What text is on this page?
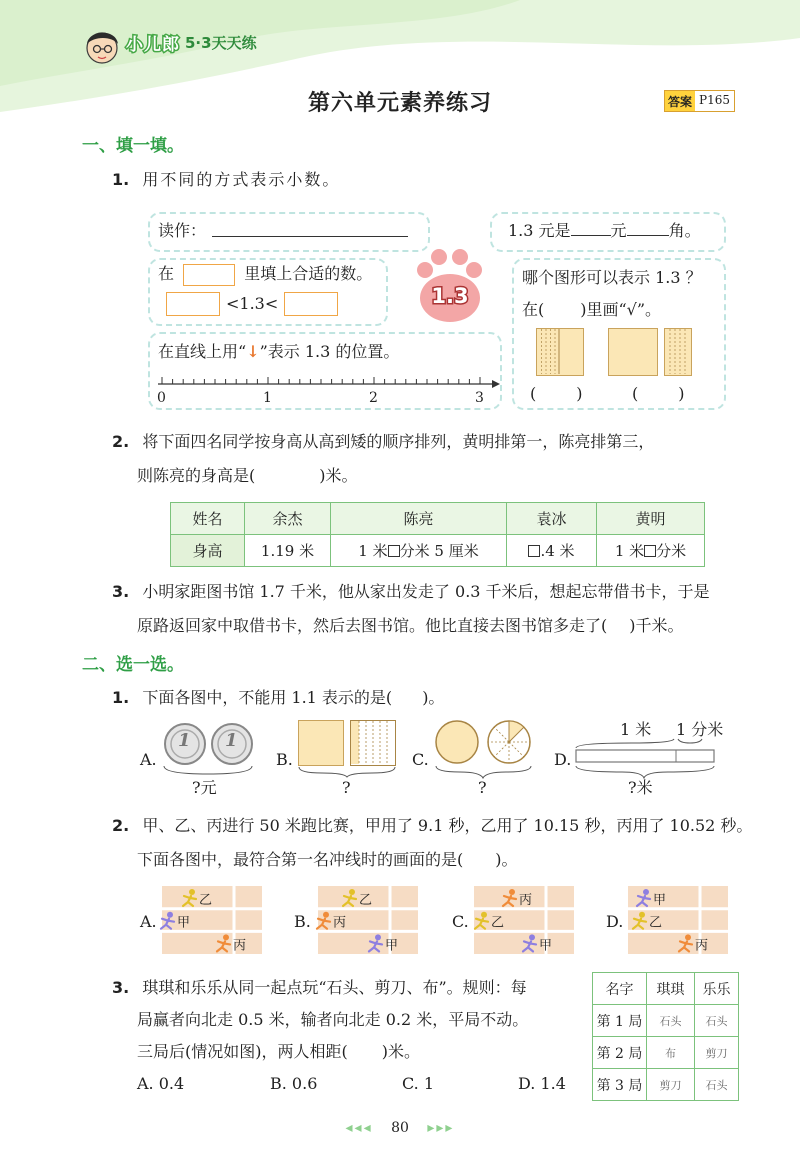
小儿郎 5·3天天练
第六单元素养练习	答案 P165
一、填一填。
1. 用不同的方式表示小数。
读作：	1.3 元是	元	角。
在	里填上合适的数。
<1.3<	1.3
哪个图形可以表示 1.3 ？
在( )里画“√”。
(	)	(	)
在直线上用“↓”表示 1.3 的位置。
0	1	2	3
2. 将下面四名同学按身高从高到矮的顺序排列，黄明排第一，陈亮排第三，
则陈亮的身高是(	)米。
姓名	余杰	陈亮	袁冰	黄明
身高	1.19 米	1 米 分米 5 厘米	.4 米	1 米 分米
3. 小明家距图书馆 1.7 千米，他从家出发走了 0.3 千米后，想起忘带借书卡，于是
原路返回家中取借书卡，然后去图书馆。他比直接去图书馆多走了( )千米。
二、选一选。
1. 下面各图中，不能用 1.1 表示的是( )。
A.
1 1
?元
B.
?
C.
?
D.
1 米 1 分米
?米
2. 甲、乙、丙进行 50 米跑比赛，甲用了 9.1 秒，乙用了 10.15 秒，丙用了 10.52 秒。
下面各图中，最符合第一名冲线时的画面的是( )。
A.	B.	C.	D.
乙
甲
丙
乙
丙
甲
丙
乙
甲
甲
乙
丙
3. 琪琪和乐乐从同一起点玩“石头、剪刀、布”。规则：每
局赢者向北走 0.5 米，输者向北走 0.2 米，平局不动。
三局后(情况如图)，两人相距( )米。
A. 0.4	B. 0.6	C. 1	D. 1.4
名字	琪琪	乐乐
第 1 局	石头	石头
第 2 局	布	剪刀
第 3 局	剪刀	石头
◂◂◂ 80 ▸▸▸
